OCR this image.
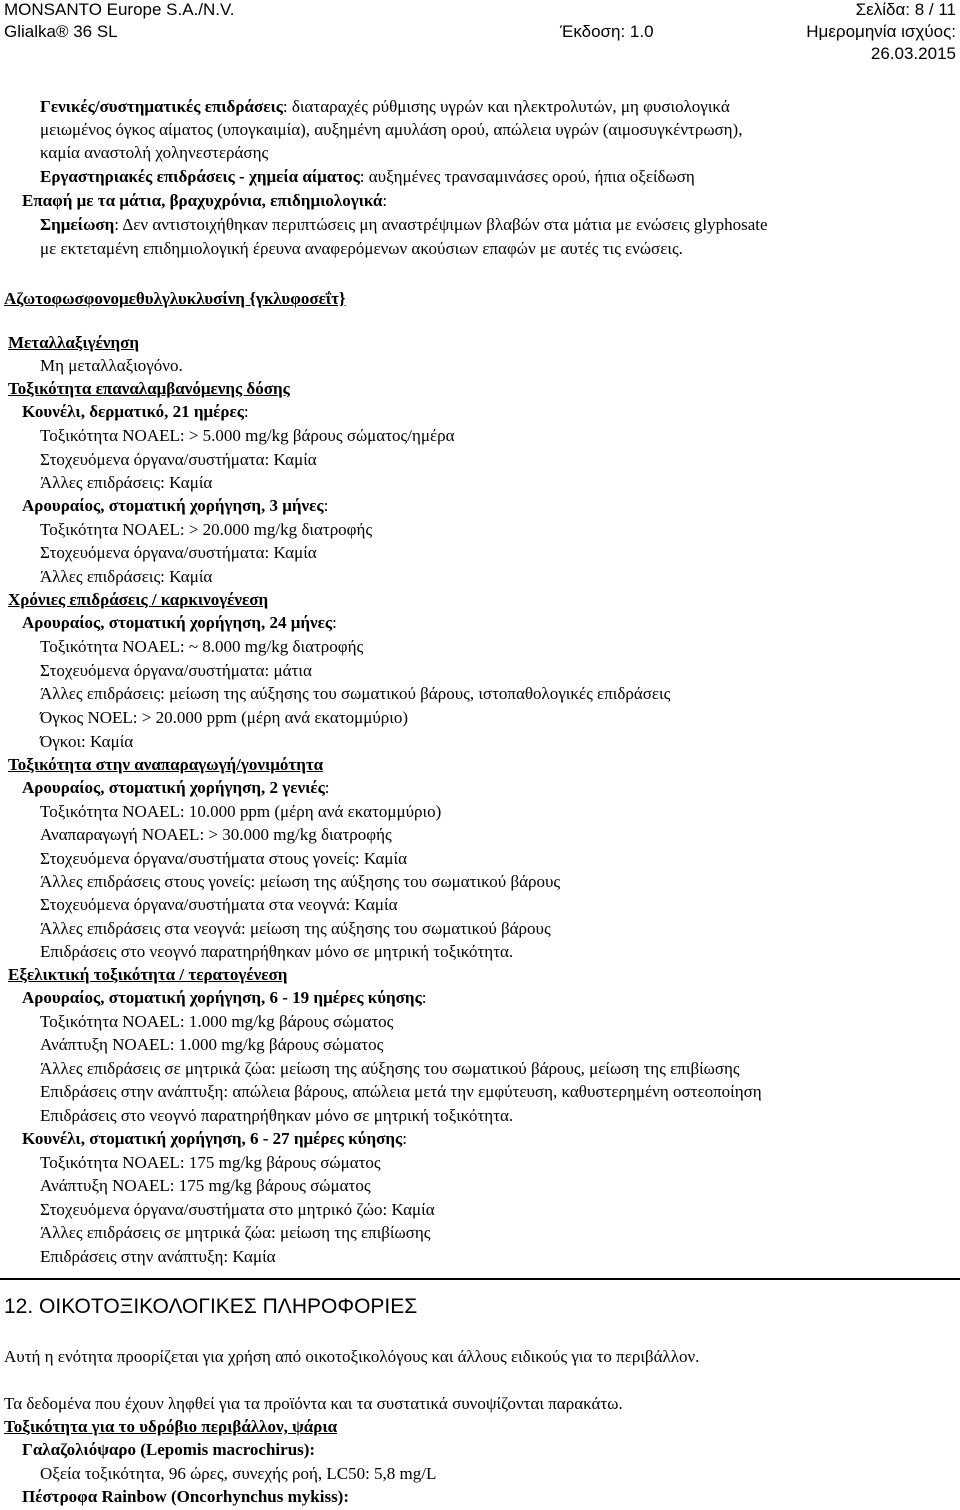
MONSANTO Europe S.A./N.V.	Σελίδα: 8 / 11
Glialka® 36 SL	Έκδοση: 1.0	Ημερομηνία ισχύος:
26.03.2015
Γενικές/συστηματικές επιδράσεις: διαταραχές ρύθμισης υγρών και ηλεκτρολυτών, μη φυσιολογικά
μειωμένος όγκος αίματος (υπογκαιμία), αυξημένη αμυλάση ορού, απώλεια υγρών (αιμοσυγκέντρωση),
καμία αναστολή χοληνεστεράσης
Εργαστηριακές επιδράσεις - χημεία αίματος: αυξημένες τρανσαμινάσες ορού, ήπια οξείδωση
Επαφή με τα μάτια, βραχυχρόνια, επιδημιολογικά:
Σημείωση: Δεν αντιστοιχήθηκαν περιπτώσεις μη αναστρέψιμων βλαβών στα μάτια με ενώσεις glyphosate
με εκτεταμένη επιδημιολογική έρευνα αναφερόμενων ακούσιων επαφών με αυτές τις ενώσεις.
Αζωτοφωσφονομεθυλγλυκλυσίνη {γκλυφοσεΐτ}
Μεταλλαξιγένηση
Μη μεταλλαξιογόνο.
Τοξικότητα επαναλαμβανόμενης δόσης
Κουνέλι, δερματικό, 21 ημέρες:
Τοξικότητα NOAEL: > 5.000 mg/kg βάρους σώματος/ημέρα
Στοχευόμενα όργανα/συστήματα: Καμία
Άλλες επιδράσεις: Καμία
Αρουραίος, στοματική χορήγηση, 3 μήνες:
Τοξικότητα NOAEL: > 20.000 mg/kg διατροφής
Στοχευόμενα όργανα/συστήματα: Καμία
Άλλες επιδράσεις: Καμία
Χρόνιες επιδράσεις / καρκινογένεση
Αρουραίος, στοματική χορήγηση, 24 μήνες:
Τοξικότητα NOAEL: ~ 8.000 mg/kg διατροφής
Στοχευόμενα όργανα/συστήματα: μάτια
Άλλες επιδράσεις: μείωση της αύξησης του σωματικού βάρους, ιστοπαθολογικές επιδράσεις
Όγκος NOEL: > 20.000 ppm (μέρη ανά εκατομμύριο)
Όγκοι: Καμία
Τοξικότητα στην αναπαραγωγή/γονιμότητα
Αρουραίος, στοματική χορήγηση, 2 γενιές:
Τοξικότητα NOAEL: 10.000 ppm (μέρη ανά εκατομμύριο)
Αναπαραγωγή NOAEL: > 30.000 mg/kg διατροφής
Στοχευόμενα όργανα/συστήματα στους γονείς: Καμία
Άλλες επιδράσεις στους γονείς: μείωση της αύξησης του σωματικού βάρους
Στοχευόμενα όργανα/συστήματα στα νεογνά: Καμία
Άλλες επιδράσεις στα νεογνά: μείωση της αύξησης του σωματικού βάρους
Επιδράσεις στο νεογνό παρατηρήθηκαν μόνο σε μητρική τοξικότητα.
Εξελικτική τοξικότητα / τερατογένεση
Αρουραίος, στοματική χορήγηση, 6 - 19 ημέρες κύησης:
Τοξικότητα NOAEL: 1.000 mg/kg βάρους σώματος
Ανάπτυξη NOAEL: 1.000 mg/kg βάρους σώματος
Άλλες επιδράσεις σε μητρικά ζώα: μείωση της αύξησης του σωματικού βάρους, μείωση της επιβίωσης
Επιδράσεις στην ανάπτυξη: απώλεια βάρους, απώλεια μετά την εμφύτευση, καθυστερημένη οστεοποίηση
Επιδράσεις στο νεογνό παρατηρήθηκαν μόνο σε μητρική τοξικότητα.
Κουνέλι, στοματική χορήγηση, 6 - 27 ημέρες κύησης:
Τοξικότητα NOAEL: 175 mg/kg βάρους σώματος
Ανάπτυξη NOAEL: 175 mg/kg βάρους σώματος
Στοχευόμενα όργανα/συστήματα στο μητρικό ζώο: Καμία
Άλλες επιδράσεις σε μητρικά ζώα: μείωση της επιβίωσης
Επιδράσεις στην ανάπτυξη: Καμία
12. ΟΙΚΟΤΟΞΙΚΟΛΟΓΙΚΕΣ ΠΛΗΡΟΦΟΡΙΕΣ
Αυτή η ενότητα προορίζεται για χρήση από οικοτοξικολόγους και άλλους ειδικούς για το περιβάλλον.
Τα δεδομένα που έχουν ληφθεί για τα προϊόντα και τα συστατικά συνοψίζονται παρακάτω.
Τοξικότητα για το υδρόβιο περιβάλλον, ψάρια
Γαλαζολιόψαρο (Lepomis macrochirus):
Οξεία τοξικότητα, 96 ώρες, συνεχής ροή, LC50: 5,8 mg/L
Πέστροφα Rainbow (Oncorhynchus mykiss):
